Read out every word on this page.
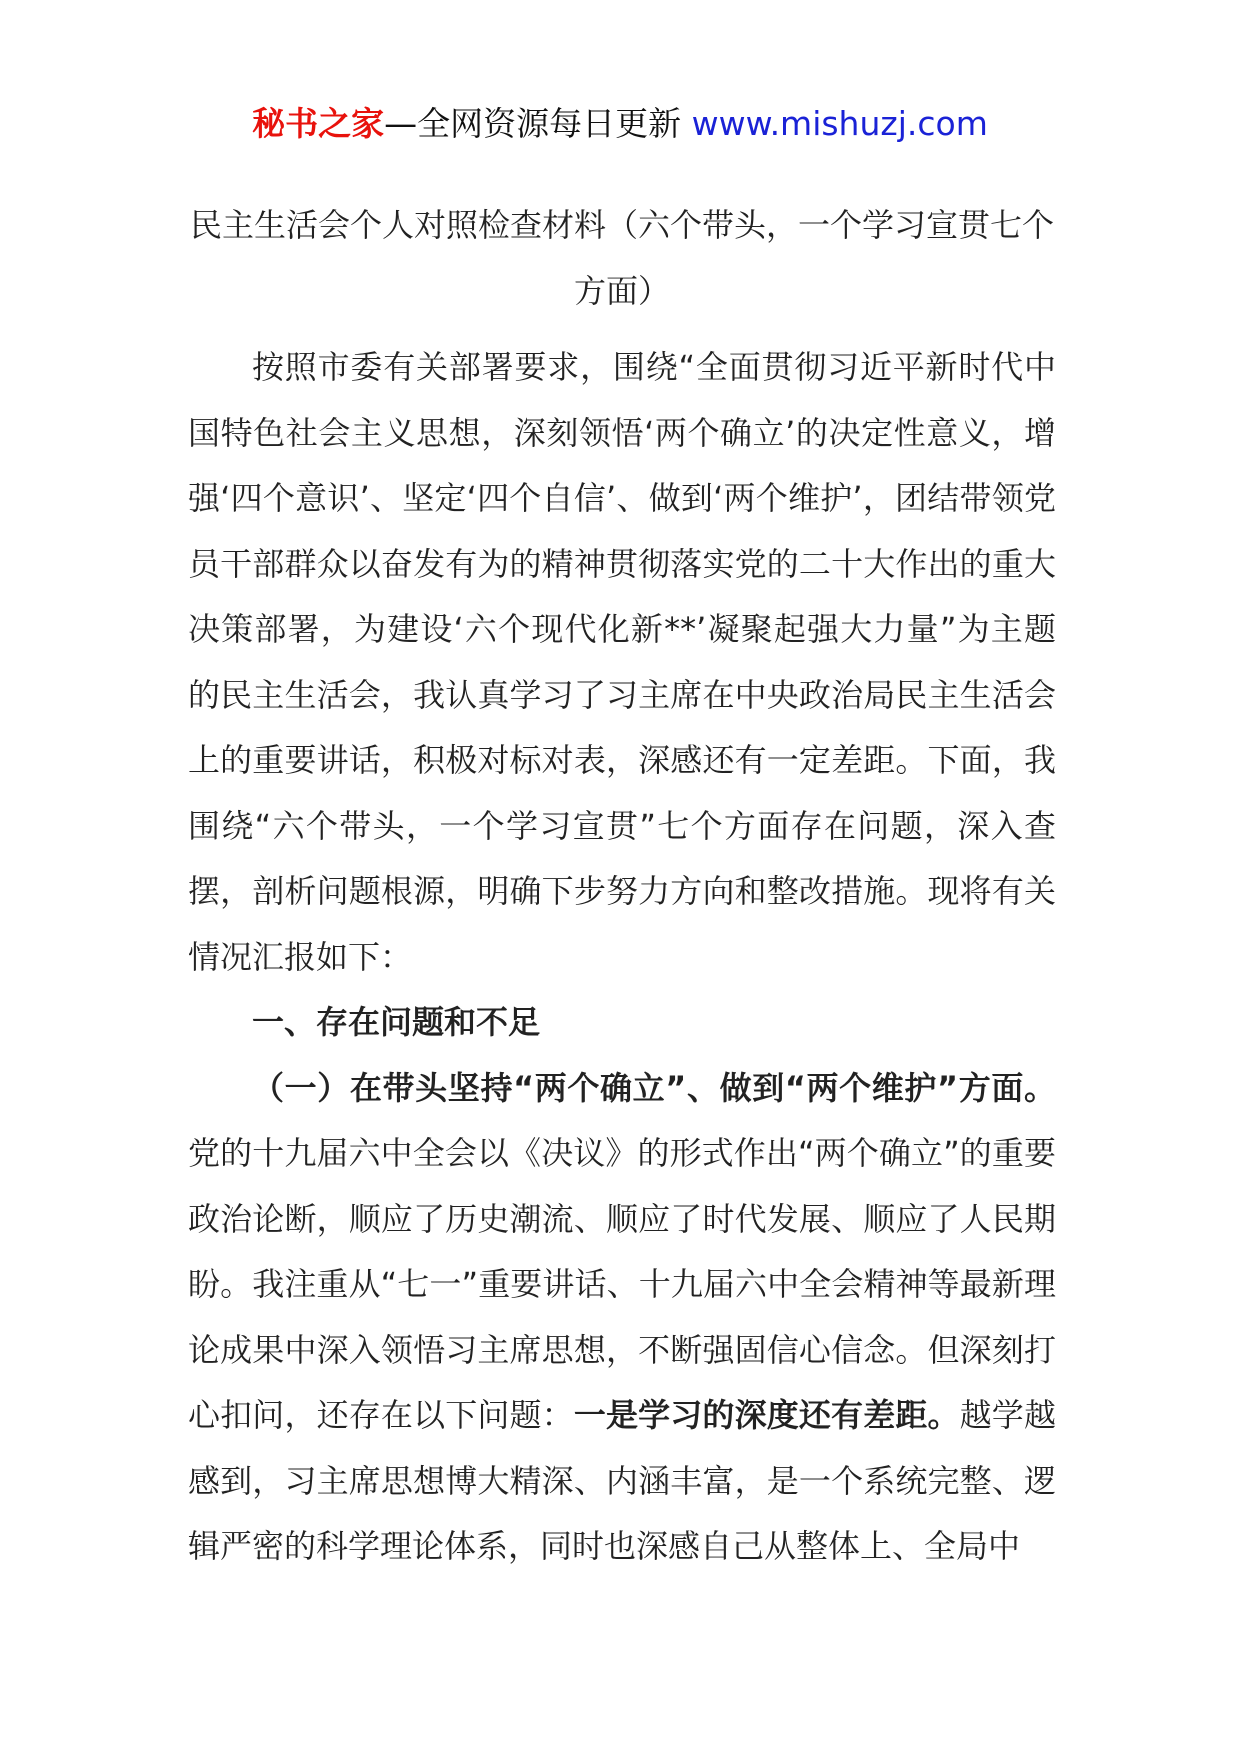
秘书之家—全网资源每日更新 www.mishuzj.com
民主生活会个人对照检查材料（六个带头，一个学习宣贯七个方面）

按照市委有关部署要求，围绕“全面贯彻习近平新时代中国特色社会主义思想，深刻领悟‘两个确立’的决定性意义，增强‘四个意识’、坚定‘四个自信’、做到‘两个维护’，团结带领党员干部群众以奋发有为的精神贯彻落实党的二十大作出的重大决策部署，为建设‘六个现代化新**’凝聚起强大力量”为主题的民主生活会，我认真学习了习主席在中央政治局民主生活会上的重要讲话，积极对标对表，深感还有一定差距。下面，我围绕“六个带头，一个学习宣贯”七个方面存在问题，深入查摆，剖析问题根源，明确下步努力方向和整改措施。现将有关情况汇报如下：

一、存在问题和不足

（一）在带头坚持“两个确立”、做到“两个维护”方面。党的十九届六中全会以《决议》的形式作出“两个确立”的重要政治论断，顺应了历史潮流、顺应了时代发展、顺应了人民期盼。我注重从“七一”重要讲话、十九届六中全会精神等最新理论成果中深入领悟习主席思想，不断强固信心信念。但深刻打心扣问，还存在以下问题：一是学习的深度还有差距。越学越感到，习主席思想博大精深、内涵丰富，是一个系统完整、逻辑严密的科学理论体系，同时也深感自己从整体上、全局中
